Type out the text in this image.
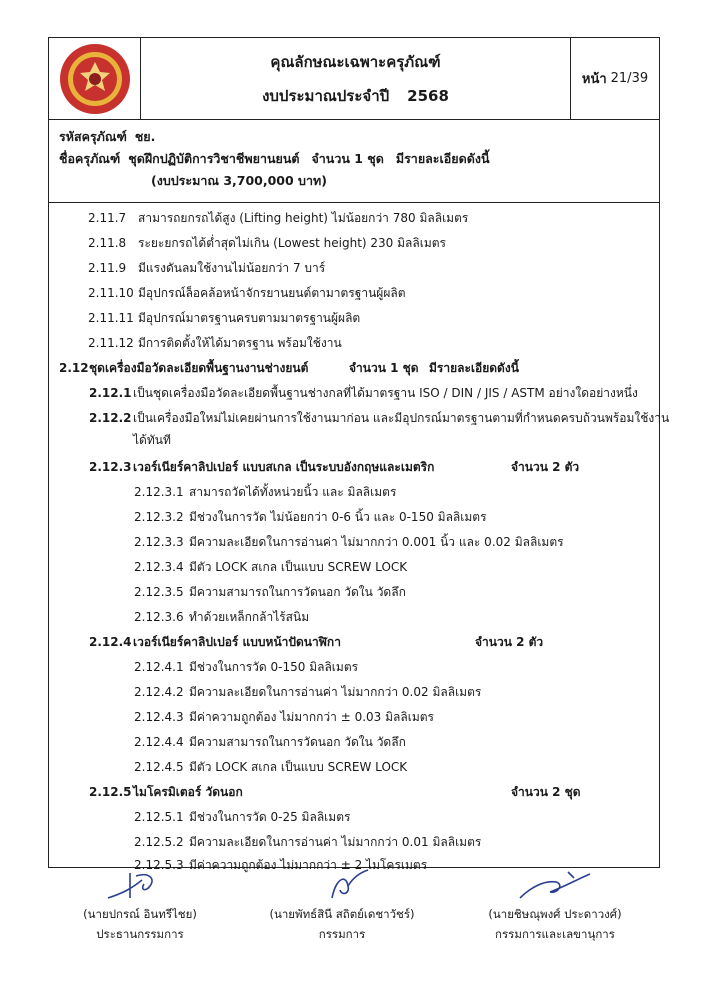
คุณลักษณะเฉพาะครุภัณฑ์
งบประมาณประจำปี 2568
หน้า 21/39
รหัสครุภัณฑ์ ชย.
ชื่อครุภัณฑ์ ชุดฝึกปฏิบัติการวิชาชีพยานยนต์ จำนวน 1 ชุด มีรายละเอียดดังนี้
(งบประมาณ 3,700,000 บาท)
2.11.7 สามารถยกรถได้สูง (Lifting height) ไม่น้อยกว่า 780 มิลลิเมตร
2.11.8 ระยะยกรถได้ต่ำสุดไม่เกิน (Lowest height) 230 มิลลิเมตร
2.11.9 มีแรงดันลมใช้งานไม่น้อยกว่า 7 บาร์
2.11.10 มีอุปกรณ์ล็อคล้อหน้าจักรยานยนต์ตามาตรฐานผู้ผลิต
2.11.11 มีอุปกรณ์มาตรฐานครบตามมาตรฐานผู้ผลิต
2.11.12 มีการติดตั้งให้ได้มาตรฐาน พร้อมใช้งาน
2.12ชุดเครื่องมือวัดละเอียดพื้นฐานงานช่างยนต์	จำนวน 1 ชุด มีรายละเอียดดังนี้
2.12.1เป็นชุดเครื่องมือวัดละเอียดพื้นฐานช่างกลที่ได้มาตรฐาน ISO / DIN / JIS / ASTM อย่างใดอย่างหนึ่ง
2.12.2เป็นเครื่องมือใหม่ไม่เคยผ่านการใช้งานมาก่อน และมีอุปกรณ์มาตรฐานตามที่กำหนดครบถ้วนพร้อมใช้งาน
ได้ทันที
2.12.3เวอร์เนียร์คาลิปเปอร์ แบบสเกล เป็นระบบอังกฤษและเมตริก	จำนวน 2 ตัว
2.12.3.1 สามารถวัดได้ทั้งหน่วยนิ้ว และ มิลลิเมตร
2.12.3.2 มีช่วงในการวัด ไม่น้อยกว่า 0-6 นิ้ว และ 0-150 มิลลิเมตร
2.12.3.3 มีความละเอียดในการอ่านค่า ไม่มากกว่า 0.001 นิ้ว และ 0.02 มิลลิเมตร
2.12.3.4 มีตัว LOCK สเกล เป็นแบบ SCREW LOCK
2.12.3.5 มีความสามารถในการวัดนอก วัดใน วัดลึก
2.12.3.6 ทำด้วยเหล็กกล้าไร้สนิม
2.12.4เวอร์เนียร์คาลิปเปอร์ แบบหน้าปัดนาฬิกา	จำนวน 2 ตัว
2.12.4.1 มีช่วงในการวัด 0-150 มิลลิเมตร
2.12.4.2 มีความละเอียดในการอ่านค่า ไม่มากกว่า 0.02 มิลลิเมตร
2.12.4.3 มีค่าความถูกต้อง ไม่มากกว่า ± 0.03 มิลลิเมตร
2.12.4.4 มีความสามารถในการวัดนอก วัดใน วัดลึก
2.12.4.5 มีตัว LOCK สเกล เป็นแบบ SCREW LOCK
2.12.5ไมโครมิเตอร์ วัดนอก	จำนวน 2 ชุด
2.12.5.1 มีช่วงในการวัด 0-25 มิลลิเมตร
2.12.5.2 มีความละเอียดในการอ่านค่า ไม่มากกว่า 0.01 มิลลิเมตร
2.12.5.3 มีค่าความถูกต้อง ไม่มากกว่า ± 2 ไมโครเมตร
(นายปกรณ์ อินทรีไชย)
ประธานกรรมการ
(นายพัทธ์สินี สถิตย์เดชาวัชร์)
กรรมการ
(นายชิษณุพงศ์ ประดาวงศ์)
กรรมการและเลขานุการ
